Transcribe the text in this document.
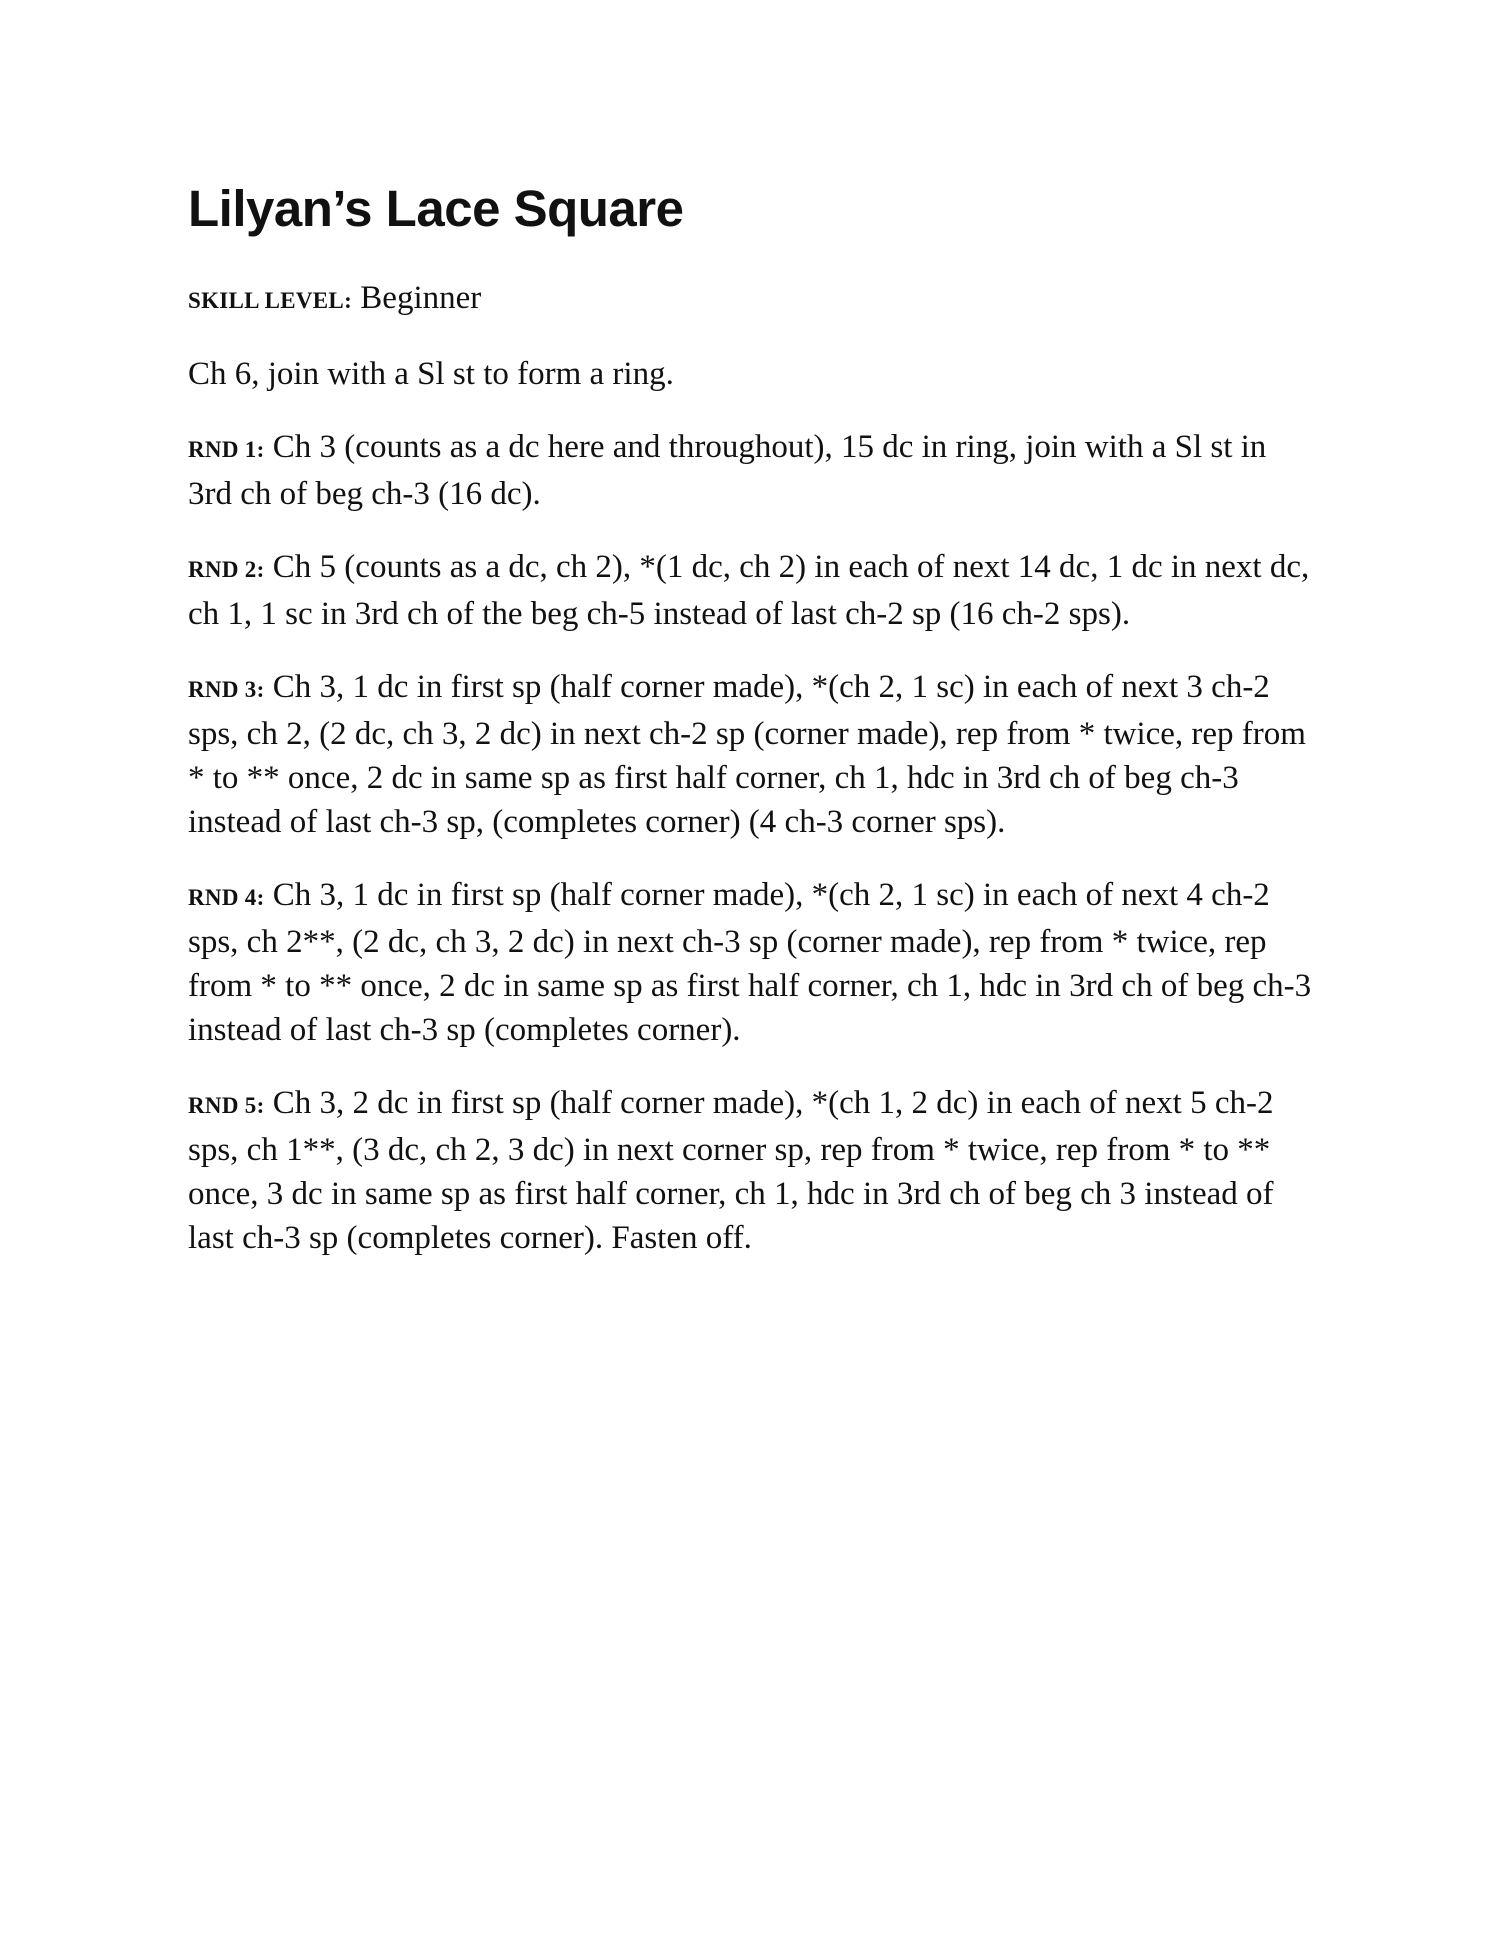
Lilyan’s Lace Square

SKILL LEVEL: Beginner

Ch 6, join with a Sl st to form a ring.

RND 1: Ch 3 (counts as a dc here and throughout), 15 dc in ring, join with a Sl st in 3rd ch of beg ch-3 (16 dc).

RND 2: Ch 5 (counts as a dc, ch 2), *(1 dc, ch 2) in each of next 14 dc, 1 dc in next dc, ch 1, 1 sc in 3rd ch of the beg ch-5 instead of last ch-2 sp (16 ch-2 sps).

RND 3: Ch 3, 1 dc in first sp (half corner made), *(ch 2, 1 sc) in each of next 3 ch-2 sps, ch 2, (2 dc, ch 3, 2 dc) in next ch-2 sp (corner made), rep from * twice, rep from * to ** once, 2 dc in same sp as first half corner, ch 1, hdc in 3rd ch of beg ch-3 instead of last ch-3 sp, (completes corner) (4 ch-3 corner sps).

RND 4: Ch 3, 1 dc in first sp (half corner made), *(ch 2, 1 sc) in each of next 4 ch-2 sps, ch 2**, (2 dc, ch 3, 2 dc) in next ch-3 sp (corner made), rep from * twice, rep from * to ** once, 2 dc in same sp as first half corner, ch 1, hdc in 3rd ch of beg ch-3 instead of last ch-3 sp (completes corner).

RND 5: Ch 3, 2 dc in first sp (half corner made), *(ch 1, 2 dc) in each of next 5 ch-2 sps, ch 1**, (3 dc, ch 2, 3 dc) in next corner sp, rep from * twice, rep from * to ** once, 3 dc in same sp as first half corner, ch 1, hdc in 3rd ch of beg ch 3 instead of last ch-3 sp (completes corner). Fasten off.
